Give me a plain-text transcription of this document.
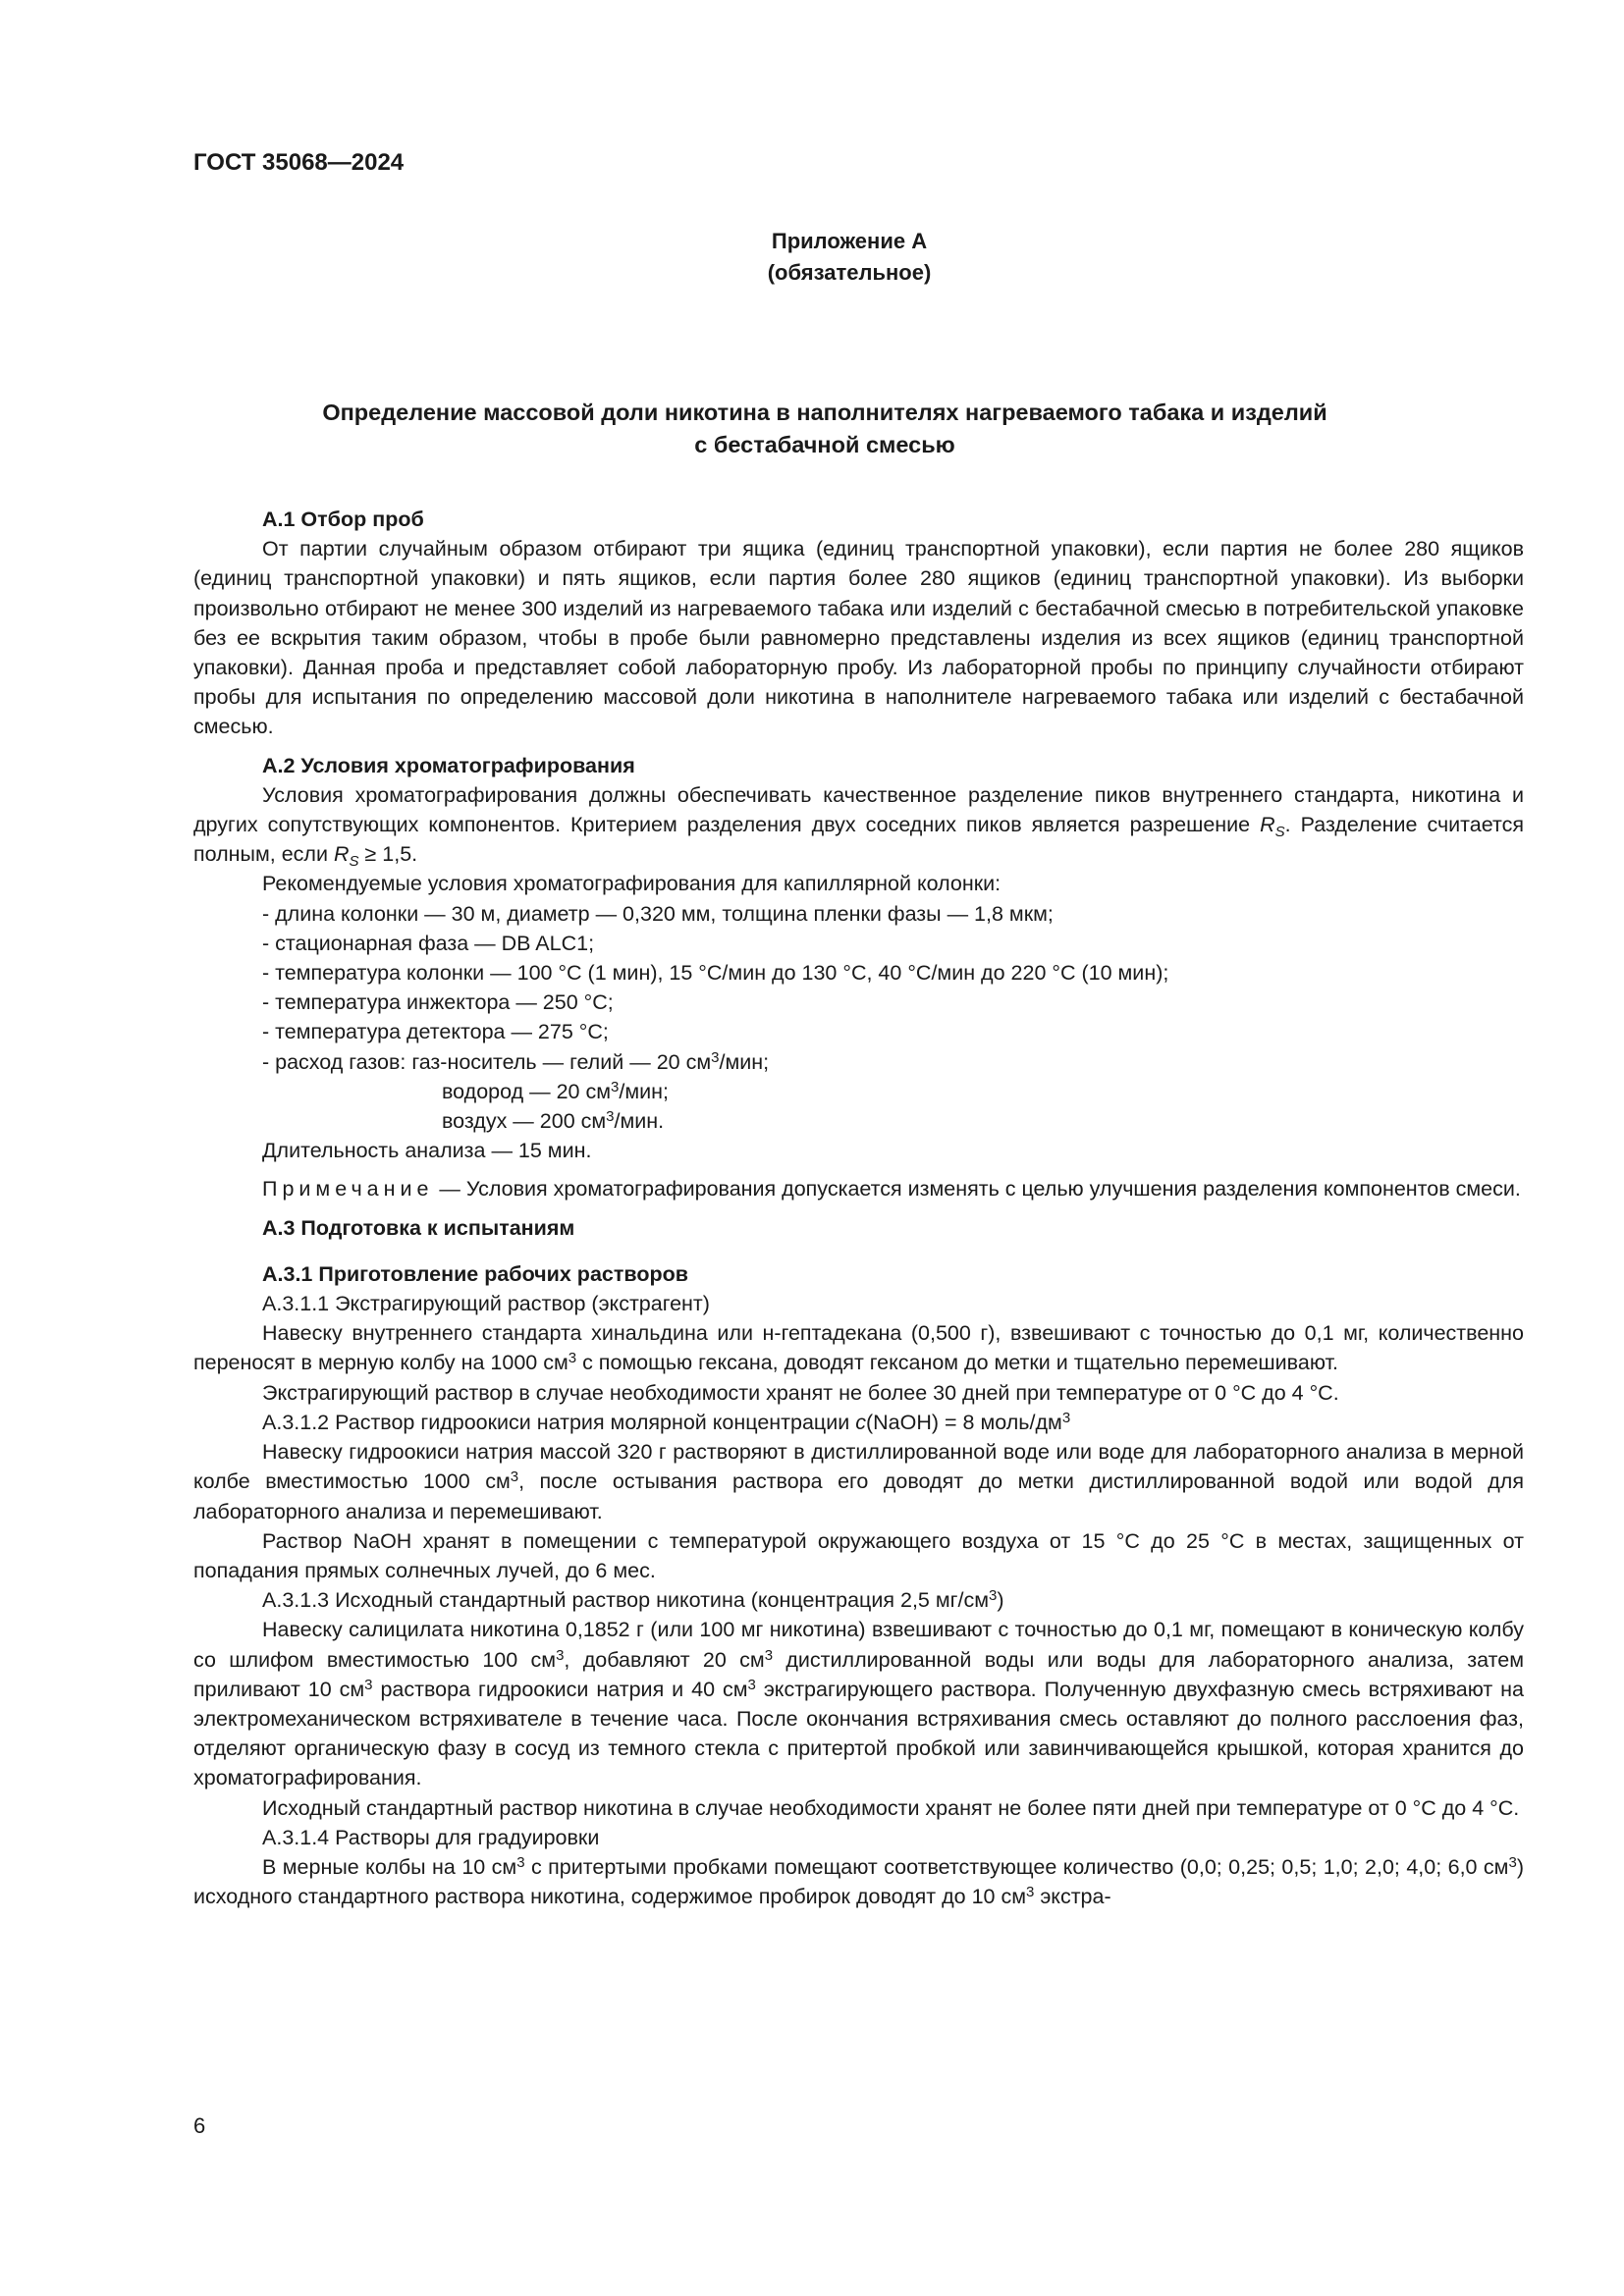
ГОСТ 35068—2024
Приложение А
(обязательное)
Определение массовой доли никотина в наполнителях нагреваемого табака и изделий
с бестабачной смесью

А.1 Отбор проб

От партии случайным образом отбирают три ящика (единиц транспортной упаковки), если партия не более 280 ящиков (единиц транспортной упаковки) и пять ящиков, если партия более 280 ящиков (единиц транспортной упаковки). Из выборки произвольно отбирают не менее 300 изделий из нагреваемого табака или изделий с бестабачной смесью в потребительской упаковке без ее вскрытия таким образом, чтобы в пробе были равномерно представлены изделия из всех ящиков (единиц транспортной упаковки). Данная проба и представляет собой лабораторную пробу. Из лабораторной пробы по принципу случайности отбирают пробы для испытания по определению массовой доли никотина в наполнителе нагреваемого табака или изделий с бестабачной смесью.

А.2 Условия хроматографирования

Условия хроматографирования должны обеспечивать качественное разделение пиков внутреннего стандарта, никотина и других сопутствующих компонентов. Критерием разделения двух соседних пиков является разрешение $R_S$. Разделение считается полным, если $R_S \ge 1,5$.

Рекомендуемые условия хроматографирования для капиллярной колонки:

- длина колонки — 30 м, диаметр — 0,320 мм, толщина пленки фазы — 1,8 мкм;

- стационарная фаза — DB ALC1;

- температура колонки — 100 °С (1 мин), 15 °С/мин до 130 °С, 40 °С/мин до 220 °С (10 мин);

- температура инжектора — 250 °С;

- температура детектора — 275 °С;

- расход газов: газ-носитель — гелий — 20 $см^3$/мин;

водород — 20 $см^3$/мин;

воздух — 200 $см^3$/мин.

Длительность анализа — 15 мин.

Примечание — Условия хроматографирования допускается изменять с целью улучшения разделения компонентов смеси.

А.3 Подготовка к испытаниям

А.3.1 Приготовление рабочих растворов

А.3.1.1 Экстрагирующий раствор (экстрагент)

Навеску внутреннего стандарта хинальдина или н-гептадекана (0,500 г), взвешивают с точностью до 0,1 мг, количественно переносят в мерную колбу на 1000 $см^3$ с помощью гексана, доводят гексаном до метки и тщательно перемешивают.

Экстрагирующий раствор в случае необходимости хранят не более 30 дней при температуре от 0 °С до 4 °С.

А.3.1.2 Раствор гидроокиси натрия молярной концентрации c(NaOH) = 8 моль/$дм^3$

Навеску гидроокиси натрия массой 320 г растворяют в дистиллированной воде или воде для лабораторного анализа в мерной колбе вместимостью 1000 $см^3$, после остывания раствора его доводят до метки дистиллированной водой или водой для лабораторного анализа и перемешивают.

Раствор NaOH хранят в помещении с температурой окружающего воздуха от 15 °С до 25 °С в местах, защищенных от попадания прямых солнечных лучей, до 6 мес.

А.3.1.3 Исходный стандартный раствор никотина (концентрация 2,5 $мг/см^3$)

Навеску салицилата никотина 0,1852 г (или 100 мг никотина) взвешивают с точностью до 0,1 мг, помещают в коническую колбу со шлифом вместимостью 100 $см^3$, добавляют 20 $см^3$ дистиллированной воды или воды для лабораторного анализа, затем приливают 10 $см^3$ раствора гидроокиси натрия и 40 $см^3$ экстрагирующего раствора. Полученную двухфазную смесь встряхивают на электромеханическом встряхивателе в течение часа. После окончания встряхивания смесь оставляют до полного расслоения фаз, отделяют органическую фазу в сосуд из темного стекла с притертой пробкой или завинчивающейся крышкой, которая хранится до хроматографирования.

Исходный стандартный раствор никотина в случае необходимости хранят не более пяти дней при температуре от 0 °С до 4 °С.

А.3.1.4 Растворы для градуировки

В мерные колбы на 10 $см^3$ с притертыми пробками помещают соответствующее количество (0,0; 0,25; 0,5; 1,0; 2,0; 4,0; 6,0 $см^3$) исходного стандартного раствора никотина, содержимое пробирок доводят до 10 $см^3$ экстра-

6
